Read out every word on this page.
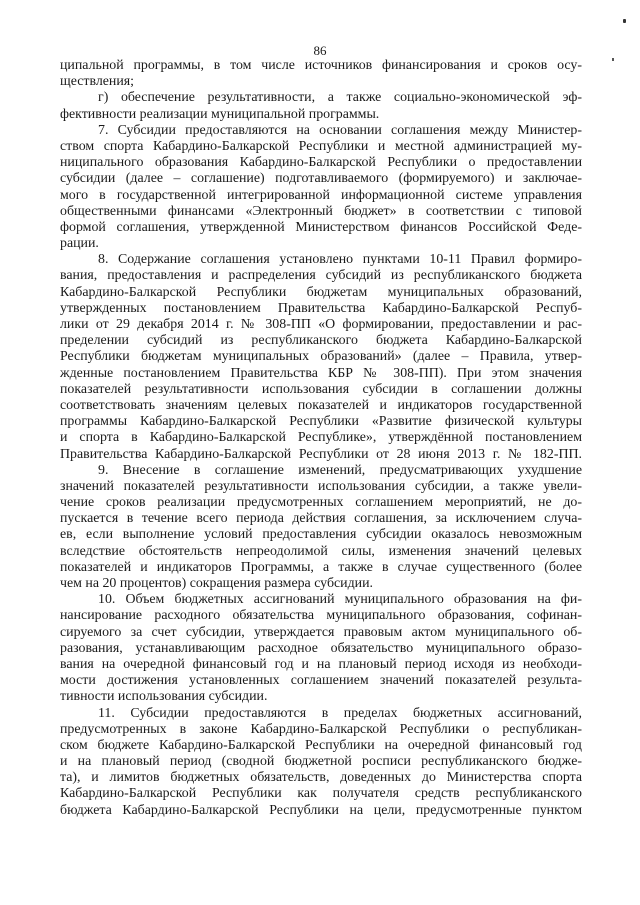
86
ципальной программы, в том числе источников финансирования и сроков осу-
ществления;
г) обеспечение результативности, а также социально-экономической эф-
фективности реализации муниципальной программы.
7. Субсидии предоставляются на основании соглашения между Министер-
ством спорта Кабардино-Балкарской Республики и местной администрацией му-
ниципального образования Кабардино-Балкарской Республики о предоставлении
субсидии (далее – соглашение) подготавливаемого (формируемого) и заключае-
мого в государственной интегрированной информационной системе управления
общественными финансами «Электронный бюджет» в соответствии с типовой
формой соглашения, утвержденной Министерством финансов Российской Феде-
рации.
8. Содержание соглашения установлено пунктами 10-11 Правил формиро-
вания, предоставления и распределения субсидий из республиканского бюджета
Кабардино-Балкарской Республики бюджетам муниципальных образований,
утвержденных постановлением Правительства Кабардино-Балкарской Респуб-
лики от 29 декабря 2014 г. № 308-ПП «О формировании, предоставлении и рас-
пределении субсидий из республиканского бюджета Кабардино-Балкарской
Республики бюджетам муниципальных образований» (далее – Правила, утвер-
жденные постановлением Правительства КБР № 308-ПП). При этом значения
показателей результативности использования субсидии в соглашении должны
соответствовать значениям целевых показателей и индикаторов государственной
программы Кабардино-Балкарской Республики «Развитие физической культуры
и спорта в Кабардино-Балкарской Республике», утверждённой постановлением
Правительства Кабардино-Балкарской Республики от 28 июня 2013 г. № 182-ПП.
9. Внесение в соглашение изменений, предусматривающих ухудшение
значений показателей результативности использования субсидии, а также увели-
чение сроков реализации предусмотренных соглашением мероприятий, не до-
пускается в течение всего периода действия соглашения, за исключением случа-
ев, если выполнение условий предоставления субсидии оказалось невозможным
вследствие обстоятельств непреодолимой силы, изменения значений целевых
показателей и индикаторов Программы, а также в случае существенного (более
чем на 20 процентов) сокращения размера субсидии.
10. Объем бюджетных ассигнований муниципального образования на фи-
нансирование расходного обязательства муниципального образования, софинан-
сируемого за счет субсидии, утверждается правовым актом муниципального об-
разования, устанавливающим расходное обязательство муниципального образо-
вания на очередной финансовый год и на плановый период исходя из необходи-
мости достижения установленных соглашением значений показателей результа-
тивности использования субсидии.
11. Субсидии предоставляются в пределах бюджетных ассигнований,
предусмотренных в законе Кабардино-Балкарской Республики о республикан-
ском бюджете Кабардино-Балкарской Республики на очередной финансовый год
и на плановый период (сводной бюджетной росписи республиканского бюджe-
та), и лимитов бюджетных обязательств, доведенных до Министерства спорта
Кабардино-Балкарской Республики как получателя средств республиканского
бюджета Кабардино-Балкарской Республики на цели, предусмотренные пунктом
